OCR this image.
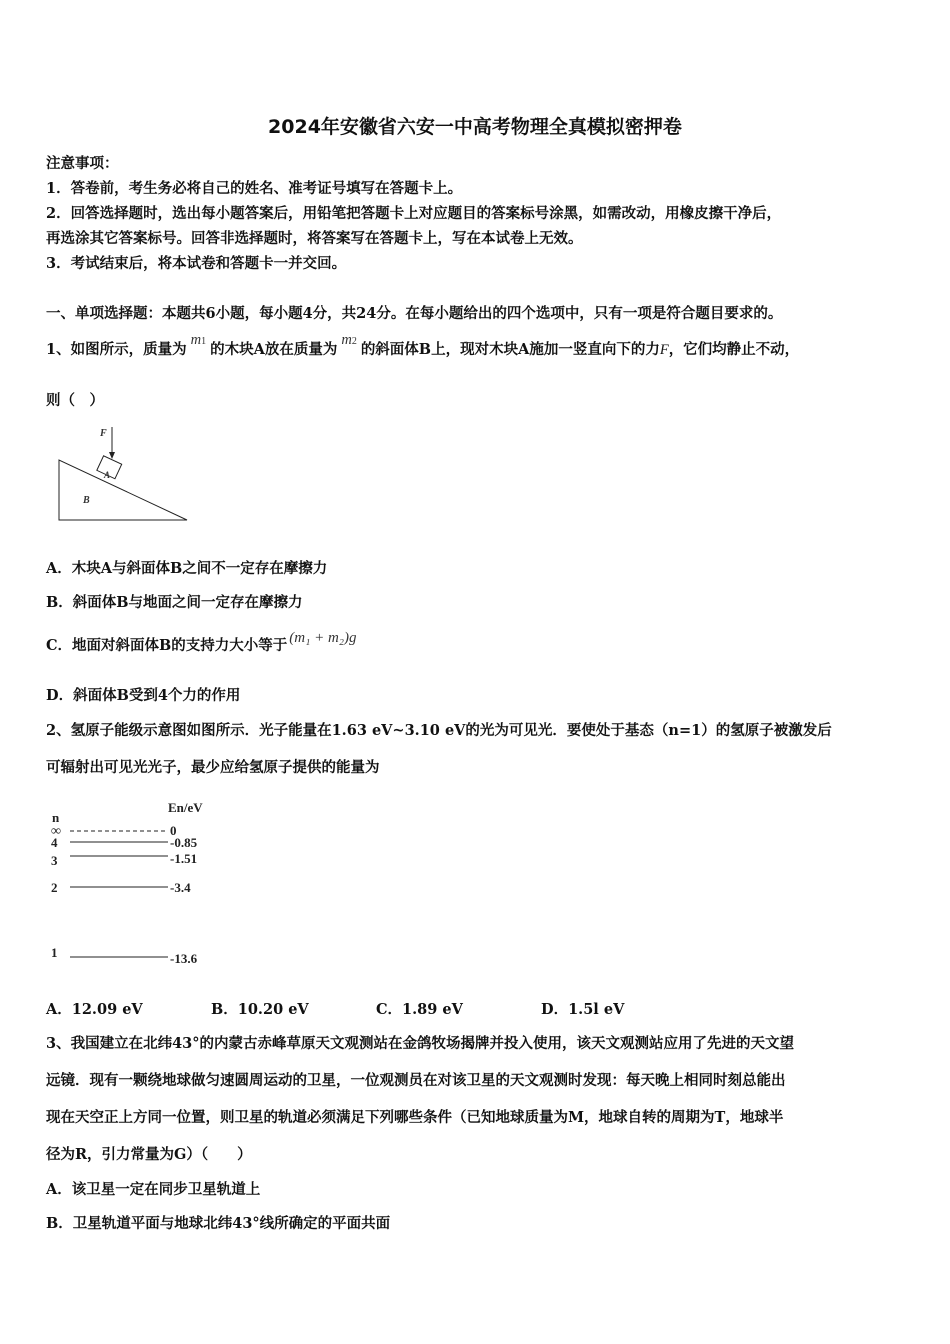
2024年安徽省六安一中高考物理全真模拟密押卷
注意事项：
1．答卷前，考生务必将自己的姓名、准考证号填写在答题卡上。
2．回答选择题时，选出每小题答案后，用铅笔把答题卡上对应题目的答案标号涂黑，如需改动，用橡皮擦干净后，
再选涂其它答案标号。回答非选择题时，将答案写在答题卡上，写在本试卷上无效。
3．考试结束后，将本试卷和答题卡一并交回。
一、单项选择题：本题共6小题，每小题4分，共24分。在每小题给出的四个选项中，只有一项是符合题目要求的。
1、如图所示，质量为m1 的木块A放在质量为m2 的斜面体B上，现对木块A施加一竖直向下的力F，它们均静止不动，
则（　）
F
A
B
A．木块A与斜面体B之间不一定存在摩擦力
B．斜面体B与地面之间一定存在摩擦力
C．地面对斜面体B的支持力大小等于 (m₁ + m₂)g
D．斜面体B受到4个力的作用
2、氢原子能级示意图如图所示．光子能量在1.63 eV~3.10 eV的光为可见光．要使处于基态（n=1）的氢原子被激发后
可辐射出可见光光子，最少应给氢原子提供的能量为
n
En/eV
∞	0
4	-0.85
3	-1.51
2	-3.4
1	-13.6
A．12.09 eV	B．10.20 eV	C．1.89 eV	D．1.5l eV
3、我国建立在北纬43°的内蒙古赤峰草原天文观测站在金鸽牧场揭牌并投入使用，该天文观测站应用了先进的天文望
远镜．现有一颗绕地球做匀速圆周运动的卫星，一位观测员在对该卫星的天文观测时发现：每天晚上相同时刻总能出
现在天空正上方同一位置，则卫星的轨道必须满足下列哪些条件（已知地球质量为M，地球自转的周期为T，地球半
径为R，引力常量为G）（　　）
A．该卫星一定在同步卫星轨道上
B．卫星轨道平面与地球北纬43°线所确定的平面共面
